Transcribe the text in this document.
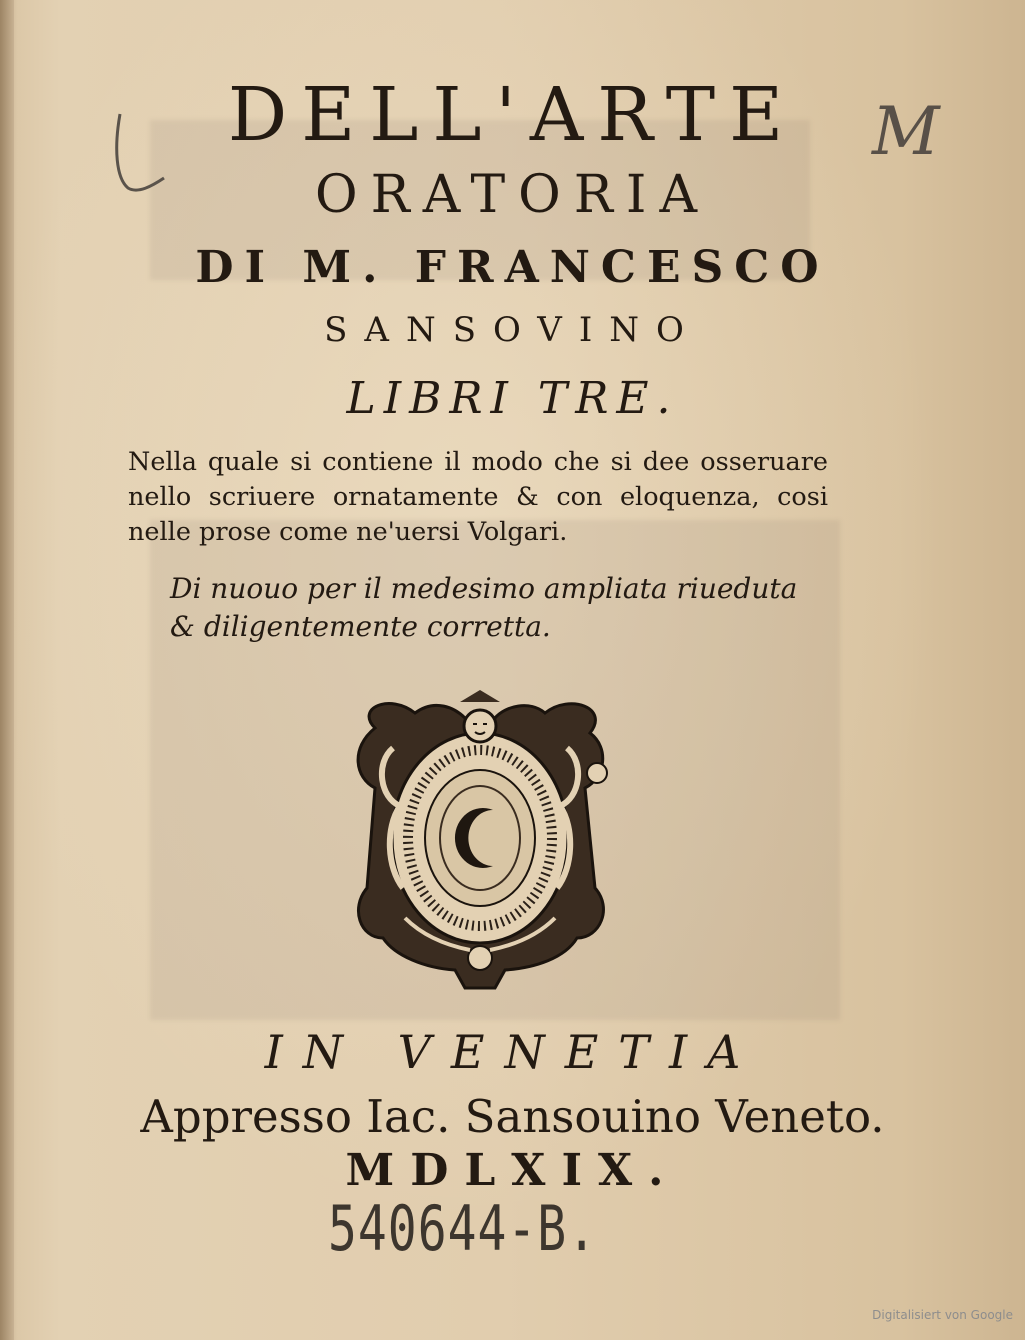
M
DELL'ARTE
ORATORIA
DI M. FRANCESCO
SANSOVINO
LIBRI TRE.
Nella quale si contiene il modo che si dee osseruare nello scriuere ornatamente & con eloquenza, cosi nelle prose come ne'uersi Volgari.
Di nuouo per il medesimo ampliata riueduta & diligentemente corretta.
IN VENETIA
Appresso Iac. Sansouino Veneto.
MDLXIX.
540644-B.
Digitalisiert von Google
